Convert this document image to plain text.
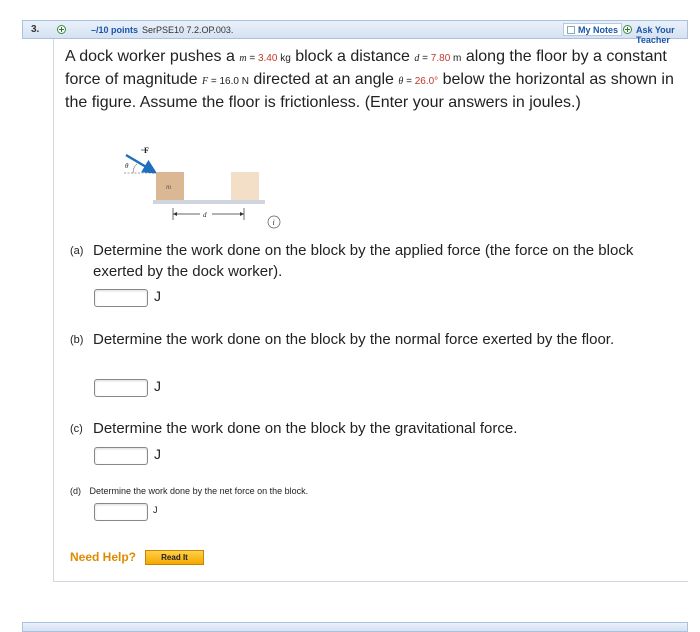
3.	–/10 points SerPSE10 7.2.OP.003.	My Notes	Ask Your Teacher
A dock worker pushes a m = 3.40 kg block a distance d = 7.80 m along the floor by a constant force of magnitude F = 16.0 N directed at an angle θ = 26.0° below the horizontal as shown in the figure. Assume the floor is frictionless. (Enter your answers in joules.)
F
θ
m
d
i
(a) Determine the work done on the block by the applied force (the force on the block exerted by the dock worker).
J
(b) Determine the work done on the block by the normal force exerted by the floor.
J
(c) Determine the work done on the block by the gravitational force.
J
(d) Determine the work done by the net force on the block.
J
Need Help?	Read It
